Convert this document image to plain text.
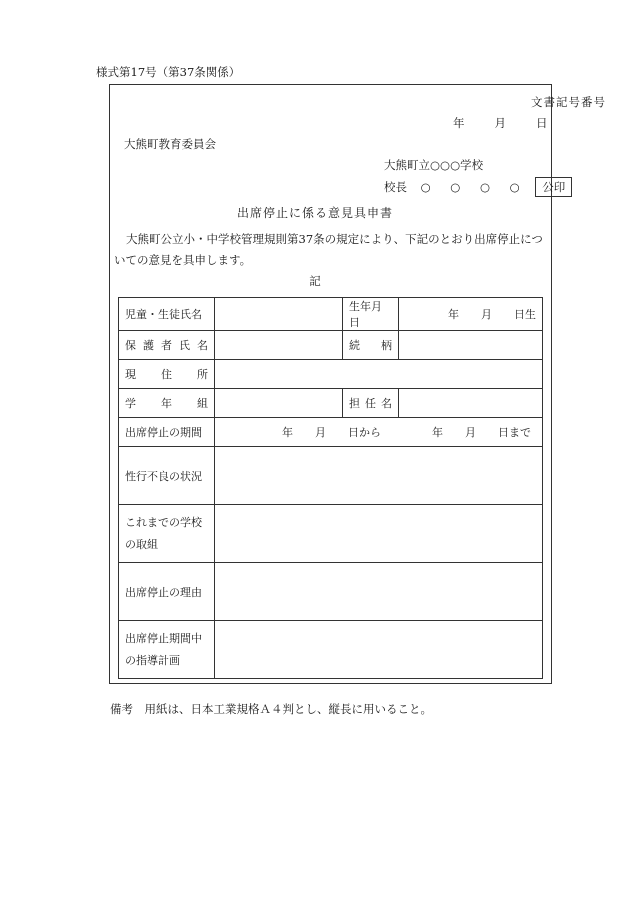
様式第17号（第37条関係）
文書記号番号
年	月	日
大熊町教育委員会
大熊町立○○○学校
校長 ○ ○ ○ ○ 公印
出席停止に係る意見具申書
大熊町公立小・中学校管理規則第37条の規定により、下記のとおり出席停止についての意見を具申します。
記
児童・生徒氏名		生年月日	年　　月　　日生
保護者氏名		続柄	
現住所			
学年組		担任名	
出席停止の期間	年　　月　　日から 年　　月　　日まで		
性行不良の状況			
これまでの学校
の取組			
出席停止の理由			
出席停止期間中
の指導計画			
備考　用紙は、日本工業規格Ａ４判とし、縦長に用いること。
